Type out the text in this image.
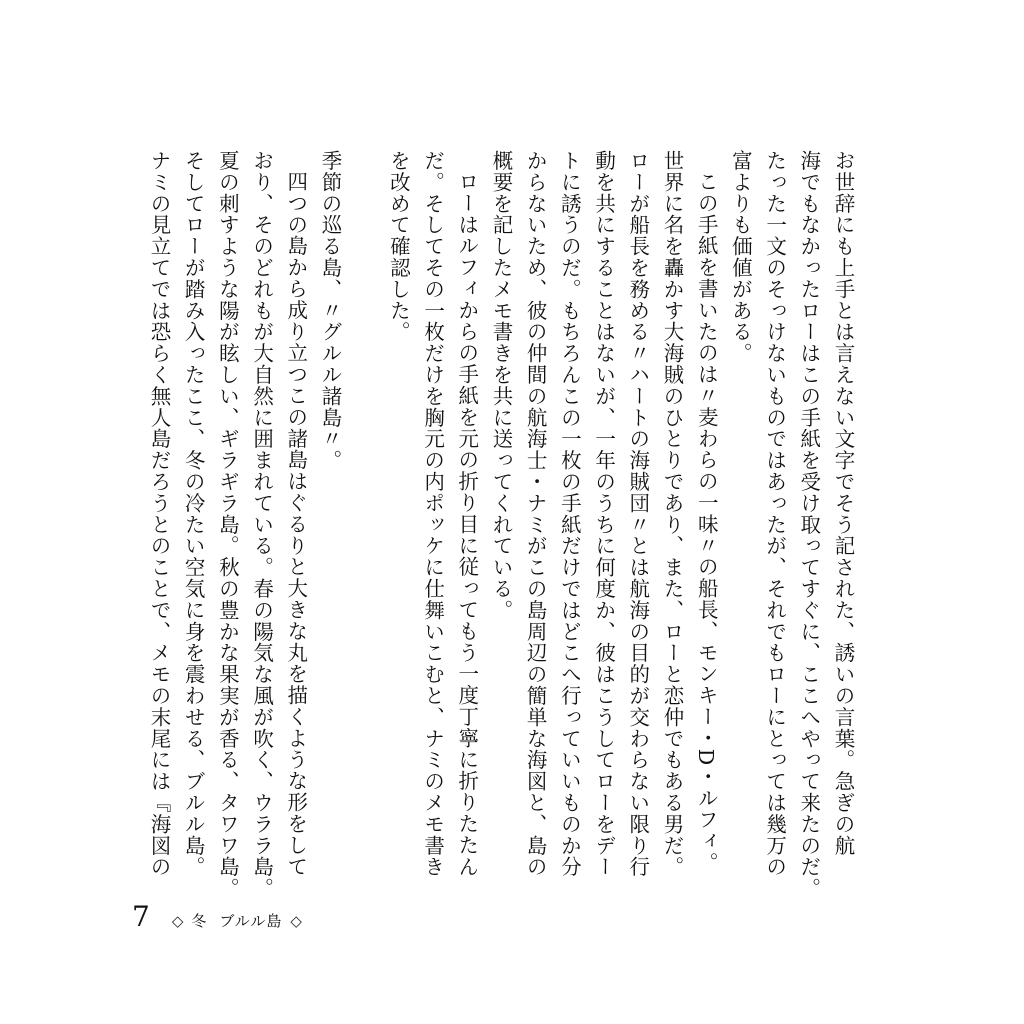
お世辞にも上手とは言えない文字でそう記された、誘いの言葉。急ぎの航
海でもなかったローはこの手紙を受け取ってすぐに、ここへやって来たのだ。
たった一文のそっけないものではあったが、それでもローにとっては幾万の
富よりも価値がある。
この手紙を書いたのは〃麦わらの一味〃の船長、モンキー・D・ルフィ。
世界に名を轟かす大海賊のひとりであり、また、ローと恋仲でもある男だ。
ローが船長を務める〃ハートの海賊団〃とは航海の目的が交わらない限り行
動を共にすることはないが、一年のうちに何度か、彼はこうしてローをデー
トに誘うのだ。もちろんこの一枚の手紙だけではどこへ行っていいものか分
からないため、彼の仲間の航海士・ナミがこの島周辺の簡単な海図と、島の
概要を記したメモ書きを共に送ってくれている。
ローはルフィからの手紙を元の折り目に従ってもう一度丁寧に折りたたん
だ。そしてその一枚だけを胸元の内ポッケに仕舞いこむと、ナミのメモ書き
を改めて確認した。
季節の巡る島、〃グルル諸島〃。
四つの島から成り立つこの諸島はぐるりと大きな丸を描くような形をして
おり、そのどれもが大自然に囲まれている。春の陽気な風が吹く、ウララ島。
夏の刺すような陽が眩しい、ギラギラ島。秋の豊かな果実が香る、タワワ島。
そしてローが踏み入ったここ、冬の冷たい空気に身を震わせる、ブルル島。
ナミの見立てでは恐らく無人島だろうとのことで、メモの末尾には『海図の
7 ◇ 冬 ブルル島 ◇
